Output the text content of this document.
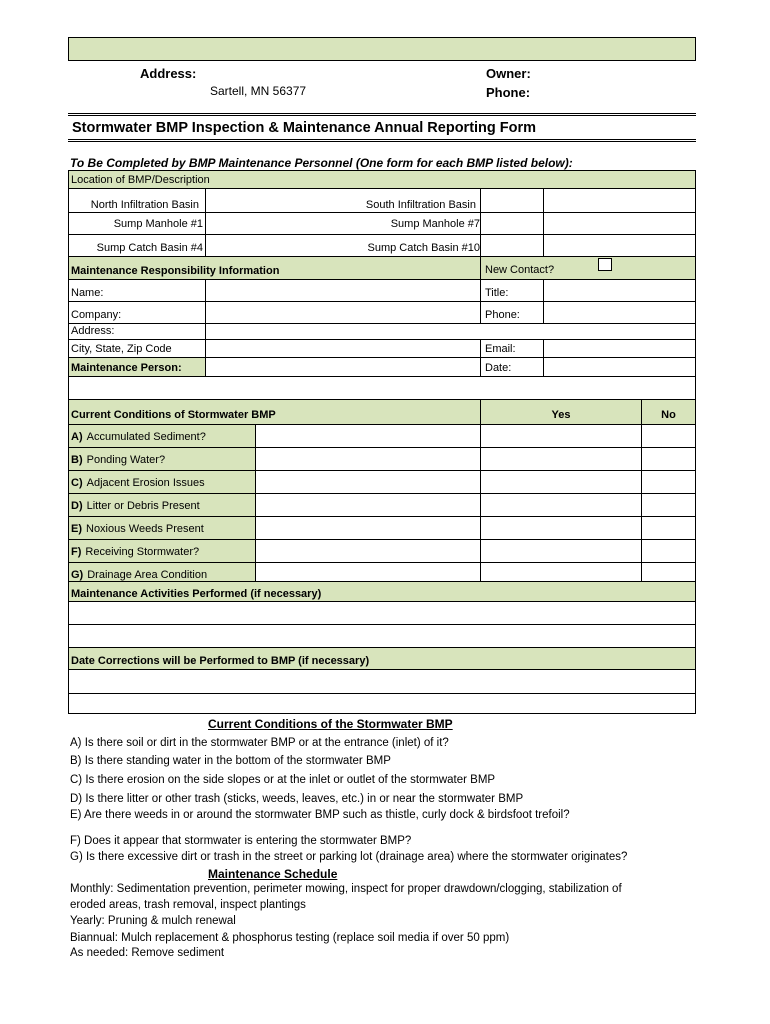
Address:
Sartell, MN 56377
Owner:
Phone:
Stormwater BMP Inspection & Maintenance Annual Reporting Form
To Be Completed by BMP Maintenance Personnel (One form for each BMP listed below):
Location of BMP/Description
North Infiltration Basin	South Infiltration Basin
Sump Manhole #1	Sump Manhole #7
Sump Catch Basin #4	Sump Catch Basin #10
Maintenance Responsibility Information	New Contact?
Name:	Title:
Company:	Phone:
Address:
City, State, Zip Code	Email:
Maintenance Person:	Date:
Current Conditions of Stormwater BMP	Yes	No
A) Accumulated Sediment?
B) Ponding Water?
C) Adjacent Erosion Issues
D) Litter or Debris Present
E) Noxious Weeds Present
F) Receiving Stormwater?
G) Drainage Area Condition
Maintenance Activities Performed (if necessary)
Date Corrections will be Performed to BMP (if necessary)
Current Conditions of the Stormwater BMP
A) Is there soil or dirt in the stormwater BMP or at the entrance (inlet) of it?
B) Is there standing water in the bottom of the stormwater BMP
C) Is there erosion on the side slopes or at the inlet or outlet of the stormwater BMP
D) Is there litter or other trash (sticks, weeds, leaves, etc.) in or near the stormwater BMP
E) Are there weeds in or around the stormwater BMP such as thistle, curly dock & birdsfoot trefoil?
F) Does it appear that stormwater is entering the stormwater BMP?
G) Is there excessive dirt or trash in the street or parking lot (drainage area) where the stormwater originates?
Maintenance Schedule
Monthly: Sedimentation prevention, perimeter mowing, inspect for proper drawdown/clogging, stabilization of
eroded areas, trash removal, inspect plantings
Yearly: Pruning & mulch renewal
Biannual: Mulch replacement & phosphorus testing (replace soil media if over 50 ppm)
As needed: Remove sediment
